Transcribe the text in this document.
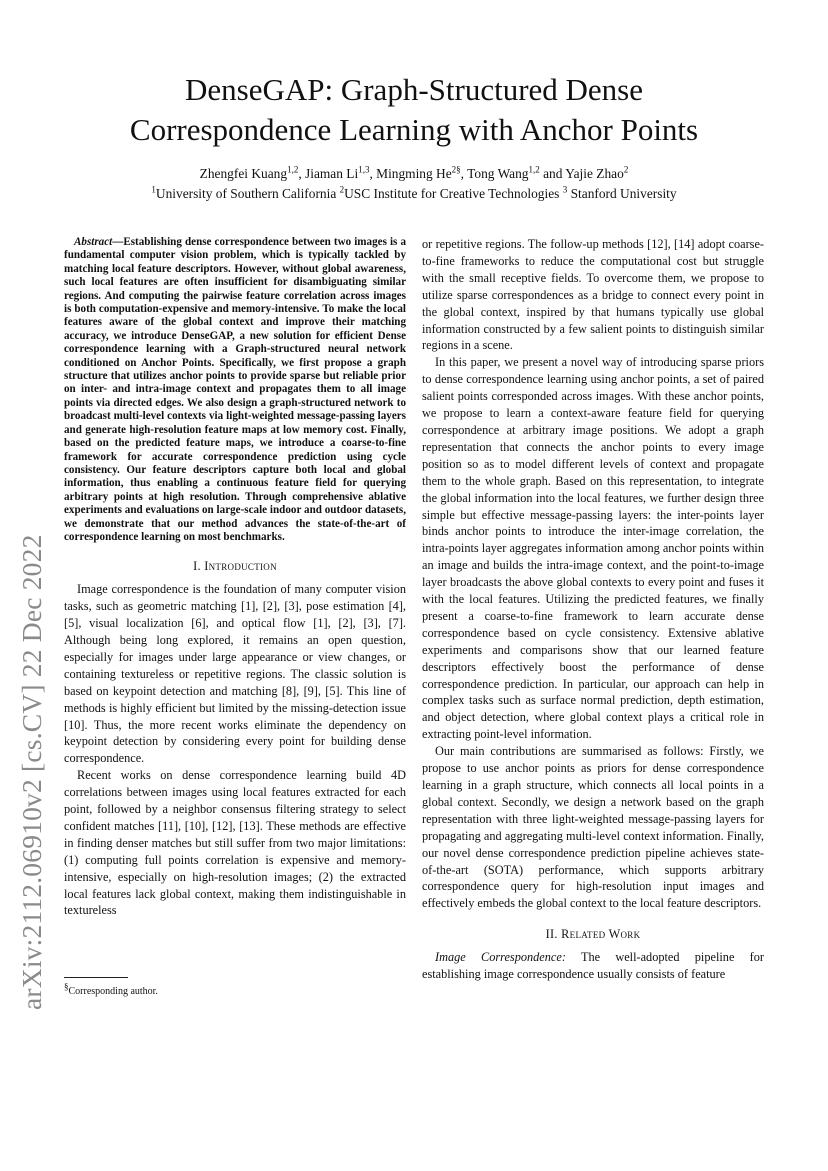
arXiv:2112.06910v2 [cs.CV] 22 Dec 2022
DenseGAP: Graph-Structured Dense
Correspondence Learning with Anchor Points
Zhengfei Kuang$^{1,2}$, Jiaman Li$^{1,3}$, Mingming $He^{2\S}$, Tong Wang$^{1,2}$ and Yajie Zhao$^2$
$^1$University of Southern California $^2$USC Institute for Creative Technologies $^3$ Stanford University

Abstract—Establishing dense correspondence between two images is a fundamental computer vision problem, which is typically tackled by matching local feature descriptors. However, without global awareness, such local features are often insufficient for disambiguating similar regions. And computing the pairwise feature correlation across images is both computation-expensive and memory-intensive. To make the local features aware of the global context and improve their matching accuracy, we introduce DenseGAP, a new solution for efficient Dense correspondence learning with a Graph-structured neural network conditioned on Anchor Points. Specifically, we first propose a graph structure that utilizes anchor points to provide sparse but reliable prior on inter- and intra-image context and propagates them to all image points via directed edges. We also design a graph-structured network to broadcast multi-level contexts via light-weighted message-passing layers and generate high-resolution feature maps at low memory cost. Finally, based on the predicted feature maps, we introduce a coarse-to-fine framework for accurate correspondence prediction using cycle consistency. Our feature descriptors capture both local and global information, thus enabling a continuous feature field for querying arbitrary points at high resolution. Through comprehensive ablative experiments and evaluations on large-scale indoor and outdoor datasets, we demonstrate that our method advances the state-of-the-art of correspondence learning on most benchmarks.

I. Introduction

Image correspondence is the foundation of many computer vision tasks, such as geometric matching [1], [2], [3], pose estimation [4], [5], visual localization [6], and optical flow [1], [2], [3], [7]. Although being long explored, it remains an open question, especially for images under large appearance or view changes, or containing textureless or repetitive regions. The classic solution is based on keypoint detection and matching [8], [9], [5]. This line of methods is highly efficient but limited by the missing-detection issue [10]. Thus, the more recent works eliminate the dependency on keypoint detection by considering every point for building dense correspondence.

Recent works on dense correspondence learning build 4D correlations between images using local features extracted for each point, followed by a neighbor consensus filtering strategy to select confident matches [11], [10], [12], [13]. These methods are effective in finding denser matches but still suffer from two major limitations: (1) computing full points correlation is expensive and memory-intensive, especially on high-resolution images; (2) the extracted local features lack global context, making them indistinguishable in textureless

or repetitive regions. The follow-up methods [12], [14] adopt coarse-to-fine frameworks to reduce the computational cost but struggle with the small receptive fields. To overcome them, we propose to utilize sparse correspondences as a bridge to connect every point in the global context, inspired by that humans typically use global information constructed by a few salient points to distinguish similar regions in a scene.

In this paper, we present a novel way of introducing sparse priors to dense correspondence learning using anchor points, a set of paired salient points corresponded across images. With these anchor points, we propose to learn a context-aware feature field for querying correspondence at arbitrary image positions. We adopt a graph representation that connects the anchor points to every image position so as to model different levels of context and propagate them to the whole graph. Based on this representation, to integrate the global information into the local features, we further design three simple but effective message-passing layers: the inter-points layer binds anchor points to introduce the inter-image correlation, the intra-points layer aggregates information among anchor points within an image and builds the intra-image context, and the point-to-image layer broadcasts the above global contexts to every point and fuses it with the local features. Utilizing the predicted features, we finally present a coarse-to-fine framework to learn accurate dense correspondence based on cycle consistency. Extensive ablative experiments and comparisons show that our learned feature descriptors effectively boost the performance of dense correspondence prediction. In particular, our approach can help in complex tasks such as surface normal prediction, depth estimation, and object detection, where global context plays a critical role in extracting point-level information.

Our main contributions are summarised as follows: Firstly, we propose to use anchor points as priors for dense correspondence learning in a graph structure, which connects all local points in a global context. Secondly, we design a network based on the graph representation with three light-weighted message-passing layers for propagating and aggregating multi-level context information. Finally, our novel dense correspondence prediction pipeline achieves state-of-the-art (SOTA) performance, which supports arbitrary correspondence query for high-resolution input images and effectively embeds the global context to the local feature descriptors.

II. Related Work

Image Correspondence: The well-adopted pipeline for establishing image correspondence usually consists of feature

§Corresponding author.
